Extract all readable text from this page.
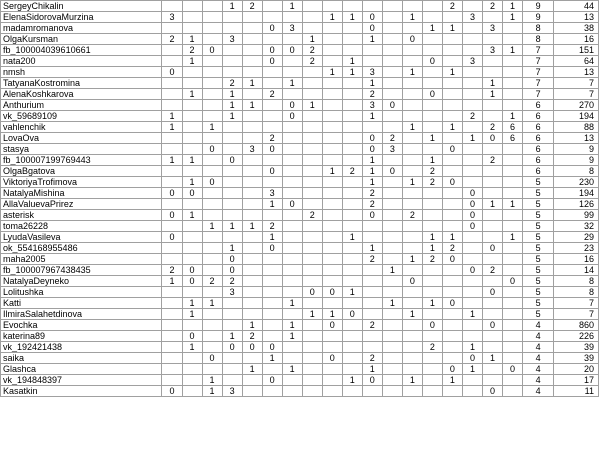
SergeyChikalin				1	2		1								2		2	1	9	44
ElenaSidorovaMurzina	3								1	1	0		1			3		1	9	13
madamromanova						0	3				0			1	1		3		8	38
OlgaKursman	2	1		3				1			1		0						8	16
fb_100004039610661		2	0			0	0	2									3	1	7	151
nata200		1				0		2		1				0		3			7	64
nmsh	0								1	1	3		1		1				7	13
TatyanaKostromina				2	1		1				1						1		7	7
AlenaKoshkarova		1		1		2					2			0			1		7	7
Anthurium				1	1		0	1			3	0							6	270
vk_59689109	1			1			0				1					2		1	6	194
vahlenchik	1		1										1		1		2	6	6	88
LovaOva						2					0	2		1		1	0	6	6	13
stasya			0		3	0					0	3			0				6	9
fb_100007199769443	1	1		0							1			1			2		6	9
OlgaBgatova						0			1	2	1	0		2					6	8
ViktoriyaTrofimova		1	0								1		1	2	0				5	230
NatalyaMishina	0	0				3					2					0			5	194
AllaValuevaPrirez						1	0				2					0	1	1	5	126
asterisk	0	1						2			0		2			0			5	99
toma26228			1	1	1	2										0			5	32
LyudaVasileva	0					1				1				1	1			1	5	29
ok_554168955486				1		0					1			1	2		0		5	23
maha2005				0							2		1	2	0				5	16
fb_100007967438435	2	0		0								1				0	2		5	14
NatalyaDeyneko	1	0	2	2									0					0	5	8
Lolitushka				3				0	0	1							0		5	8
Katti		1	1				1					1		1	0				5	7
IlmiraSalahetdinova		1						1	1	0			1			1			5	7
Evochka					1		1		0		2			0			0		4	860
katerina89		0		1	2		1												4	226
vk_192421438		1		0	0	0								2		1			4	39
saika			0			1			0		2					0	1		4	39
Glashca					1		1				1				0	1		0	4	20
vk_194848397			1			0				1	0		1		1				4	17
Kasatkin	0		1	3													0		4	11
